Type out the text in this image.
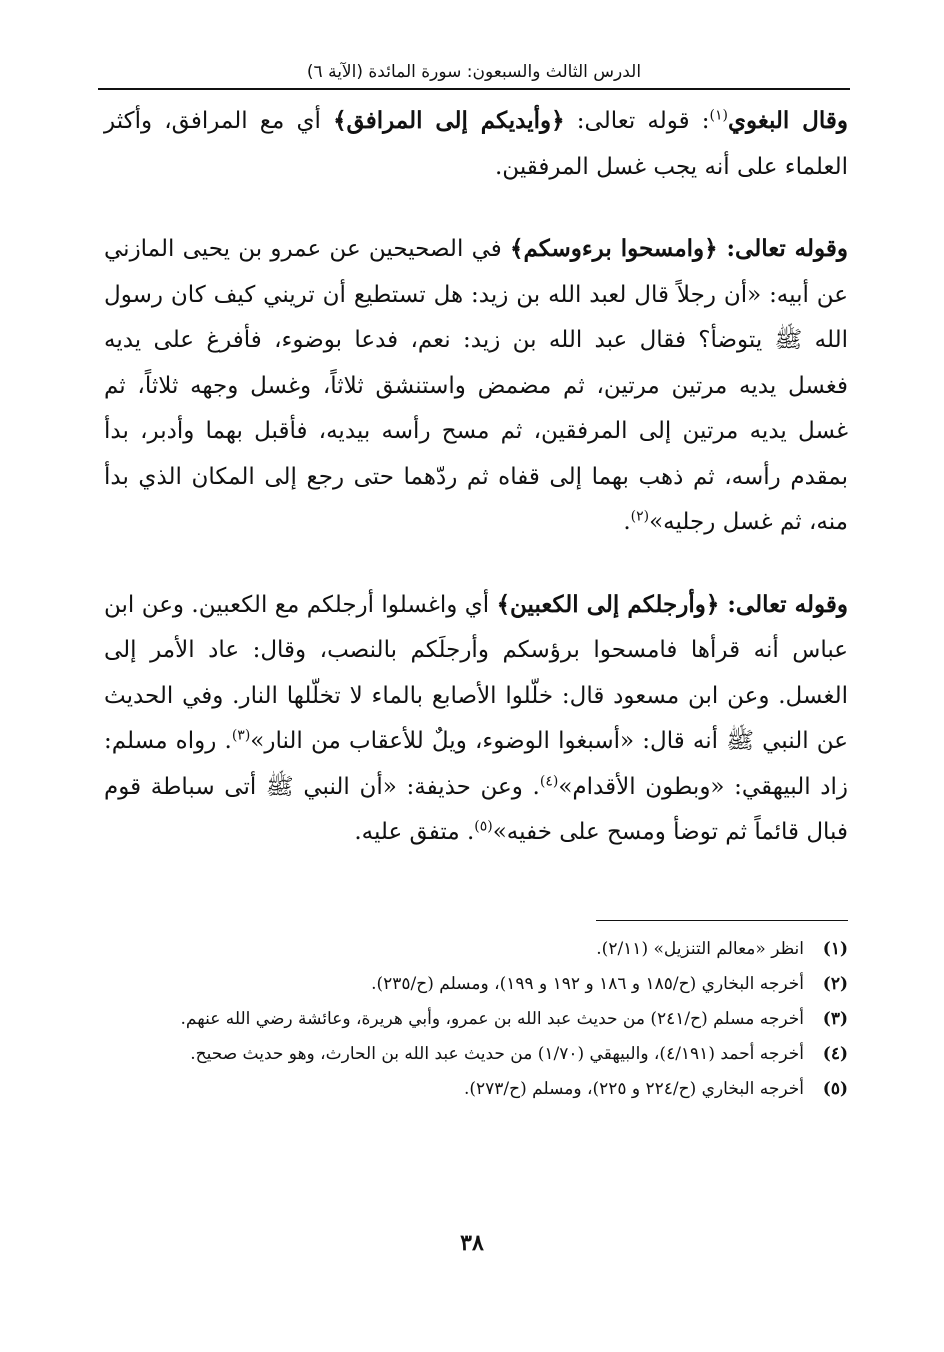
الدرس الثالث والسبعون: سورة المائدة (الآية ٦)

وقال البغوي$^{(١)}$: قوله تعالى: ﴿وأيديكم إلى المرافق﴾ أي مع المرافق، وأكثر العلماء على أنه يجب غسل المرفقين.

وقوله تعالى: ﴿وامسحوا برءوسكم﴾ في الصحيحين عن عمرو بن يحيى المازني عن أبيه: «أن رجلاً قال لعبد الله بن زيد: هل تستطيع أن تريني كيف كان رسول الله ﷺ يتوضأ؟ فقال عبد الله بن زيد: نعم، فدعا بوضوء، فأفرغ على يديه فغسل يديه مرتين مرتين، ثم مضمض واستنشق ثلاثاً، وغسل وجهه ثلاثاً، ثم غسل يديه مرتين إلى المرفقين، ثم مسح رأسه بيديه، فأقبل بهما وأدبر، بدأ بمقدم رأسه، ثم ذهب بهما إلى قفاه ثم ردّهما حتى رجع إلى المكان الذي بدأ منه، ثم غسل رجليه»$^{(٢)}$.

وقوله تعالى: ﴿وأرجلكم إلى الكعبين﴾ أي واغسلوا أرجلكم مع الكعبين. وعن ابن عباس أنه قرأها فامسحوا برؤسكم وأرجلَكم بالنصب، وقال: عاد الأمر إلى الغسل. وعن ابن مسعود قال: خلّلوا الأصابع بالماء لا تخلّلها النار. وفي الحديث عن النبي ﷺ أنه قال: «أسبغوا الوضوء، ويلٌ للأعقاب من النار»$^{(٣)}$. رواه مسلم: زاد البيهقي: «وبطون الأقدام»$^{(٤)}$. وعن حذيفة: «أن النبي ﷺ أتى سباطة قوم فبال قائماً ثم توضأ ومسح على خفيه»$^{(٥)}$. متفق عليه.

(١)
انظر «معالم التنزيل» (٢/١١).
(٢)
أخرجه البخاري (ح/١٨٥ و ١٨٦ و ١٩٢ و ١٩٩)، ومسلم (ح/٢٣٥).
(٣)
أخرجه مسلم (ح/٢٤١) من حديث عبد الله بن عمرو، وأبي هريرة، وعائشة رضي الله عنهم.
(٤)
أخرجه أحمد (٤/١٩١)، والبيهقي (١/٧٠) من حديث عبد الله بن الحارث، وهو حديث صحيح.
(٥)
أخرجه البخاري (ح/٢٢٤ و ٢٢٥)، ومسلم (ح/٢٧٣).
٣٨
